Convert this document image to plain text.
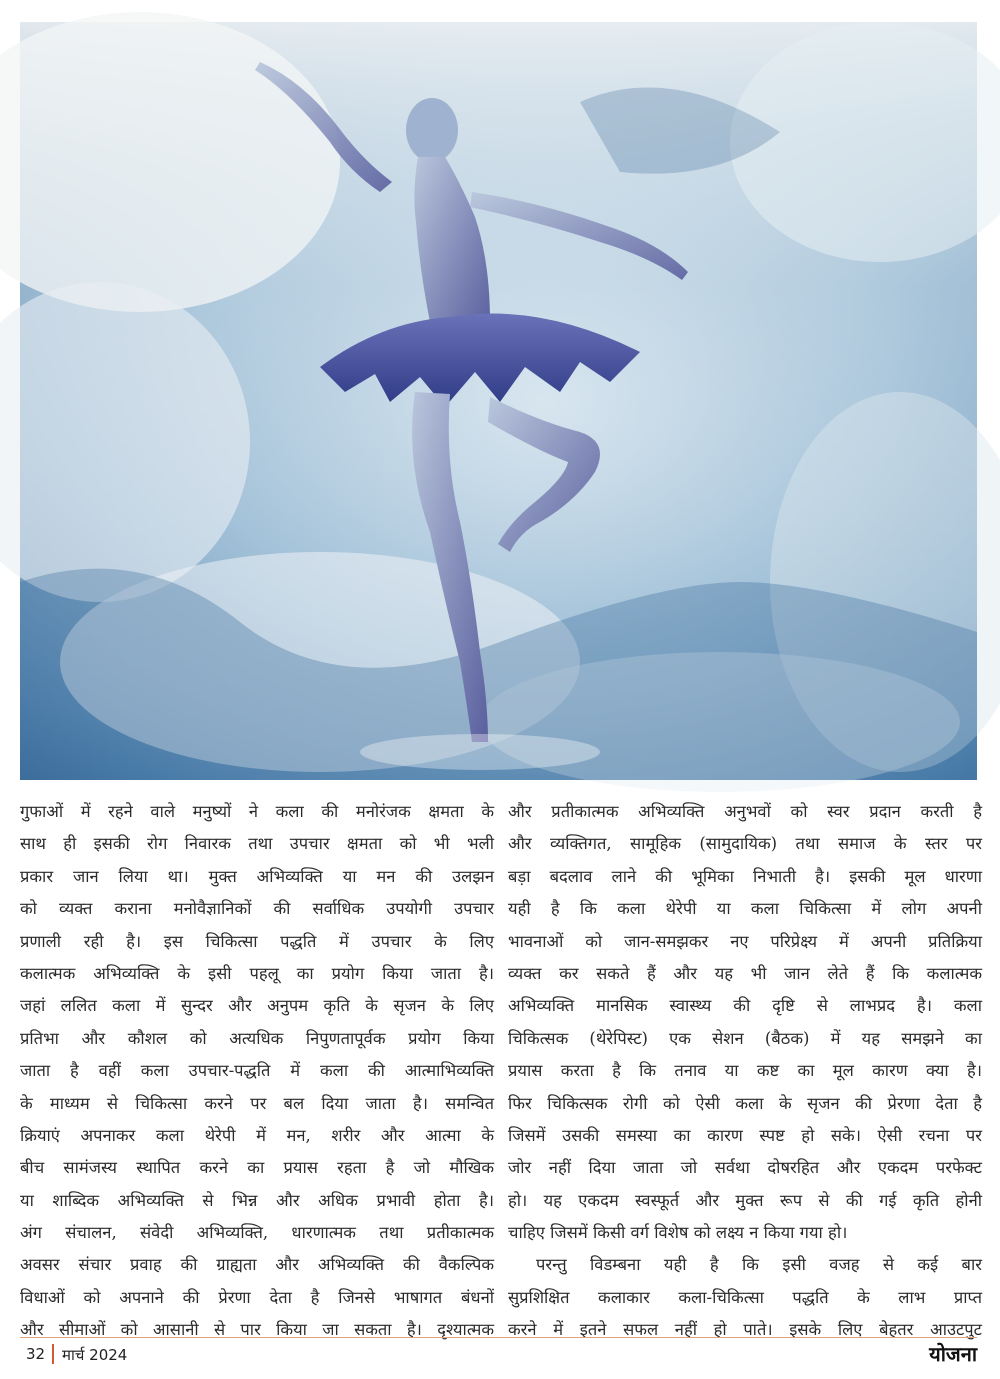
गुफाओं में रहने वाले मनुष्यों ने कला की मनोरंजक क्षमता के
साथ ही इसकी रोग निवारक तथा उपचार क्षमता को भी भली
प्रकार जान लिया था। मुक्त अभिव्यक्ति या मन की उलझन
को व्यक्त कराना मनोवैज्ञानिकों की सर्वाधिक उपयोगी उपचार
प्रणाली रही है। इस चिकित्सा पद्धति में उपचार के लिए
कलात्मक अभिव्यक्ति के इसी पहलू का प्रयोग किया जाता है।
जहां ललित कला में सुन्दर और अनुपम कृति के सृजन के लिए
प्रतिभा और कौशल को अत्यधिक निपुणतापूर्वक प्रयोग किया
जाता है वहीं कला उपचार-पद्धति में कला की आत्माभिव्यक्ति
के माध्यम से चिकित्सा करने पर बल दिया जाता है। समन्वित
क्रियाएं अपनाकर कला थेरेपी में मन, शरीर और आत्मा के
बीच सामंजस्य स्थापित करने का प्रयास रहता है जो मौखिक
या शाब्दिक अभिव्यक्ति से भिन्न और अधिक प्रभावी होता है।
अंग संचालन, संवेदी अभिव्यक्ति, धारणात्मक तथा प्रतीकात्मक
अवसर संचार प्रवाह की ग्राह्यता और अभिव्यक्ति की वैकल्पिक
विधाओं को अपनाने की प्रेरणा देता है जिनसे भाषागत बंधनों
और सीमाओं को आसानी से पार किया जा सकता है। दृश्यात्मक
और प्रतीकात्मक अभिव्यक्ति अनुभवों को स्वर प्रदान करती है
और व्यक्तिगत, सामूहिक (सामुदायिक) तथा समाज के स्तर पर
बड़ा बदलाव लाने की भूमिका निभाती है। इसकी मूल धारणा
यही है कि कला थेरेपी या कला चिकित्सा में लोग अपनी
भावनाओं को जान-समझकर नए परिप्रेक्ष्य में अपनी प्रतिक्रिया
व्यक्त कर सकते हैं और यह भी जान लेते हैं कि कलात्मक
अभिव्यक्ति मानसिक स्वास्थ्य की दृष्टि से लाभप्रद है। कला
चिकित्सक (थेरेपिस्ट) एक सेशन (बैठक) में यह समझने का
प्रयास करता है कि तनाव या कष्ट का मूल कारण क्या है।
फिर चिकित्सक रोगी को ऐसी कला के सृजन की प्रेरणा देता है
जिसमें उसकी समस्या का कारण स्पष्ट हो सके। ऐसी रचना पर
जोर नहीं दिया जाता जो सर्वथा दोषरहित और एकदम परफेक्ट
हो। यह एकदम स्वस्फूर्त और मुक्त रूप से की गई कृति होनी
चाहिए जिसमें किसी वर्ग विशेष को लक्ष्य न किया गया हो।
परन्तु विडम्बना यही है कि इसी वजह से कई बार
सुप्रशिक्षित कलाकार कला-चिकित्सा पद्धति के लाभ प्राप्त
करने में इतने सफल नहीं हो पाते। इसके लिए बेहतर आउटपुट
32 मार्च 2024	योजना
